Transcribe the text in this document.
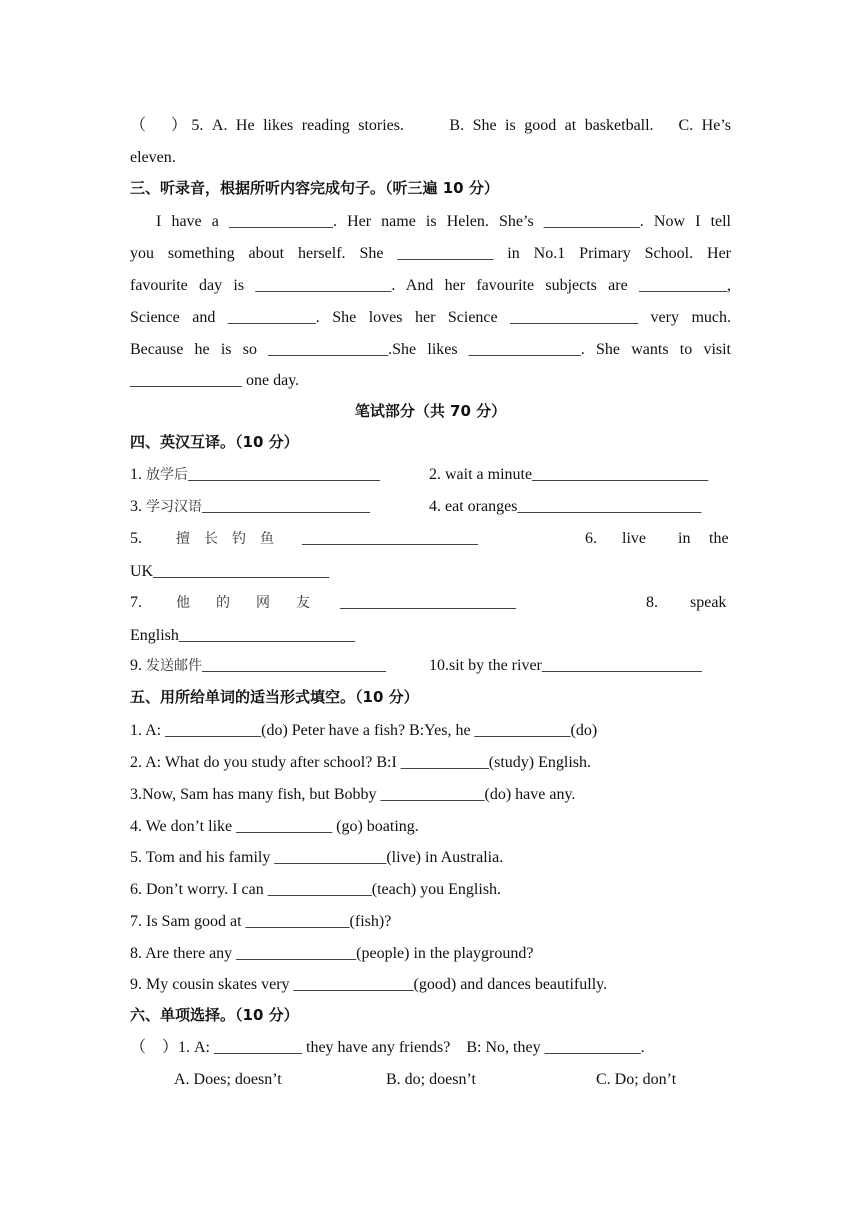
（　）5. A. He likes reading stories.　　B. She is good at basketball.　C. He’s
eleven.
三、听录音，根据所听内容完成句子。（听三遍 10 分）
I have a _____________. Her name is Helen. She’s ____________. Now I tell
you something about herself. She ____________ in No.1 Primary School. Her
favourite day is _________________. And her favourite subjects are ___________,
Science and ___________. She loves her Science ________________ very much.
Because he is so _______________.She likes ______________. She wants to visit
______________ one day.
笔试部分（共 70 分）
四、英汉互译。（10 分）
1. 放学后________________________	2. wait a minute______________________
3. 学习汉语_____________________	4. eat oranges_______________________
5. 擅长钓鱼 ______________________	6. live in the
UK______________________
7. 他的网友 ______________________	8. speak
English______________________
9. 发送邮件_______________________	10.sit by the river____________________
五、用所给单词的适当形式填空。（10 分）
1. A: ____________(do) Peter have a fish? B:Yes, he ____________(do)
2. A: What do you study after school? B:I ___________(study) English.
3.Now, Sam has many fish, but Bobby _____________(do) have any.
4. We don’t like ____________ (go) boating.
5. Tom and his family ______________(live) in Australia.
6. Don’t worry. I can _____________(teach) you English.
7. Is Sam good at _____________(fish)?
8. Are there any _______________(people) in the playground?
9. My cousin skates very _______________(good) and dances beautifully.
六、单项选择。（10 分）
（　）1. A: ___________ they have any friends?　B: No, they ____________.
A. Does; doesn’t	B. do; doesn’t	C. Do; don’t
